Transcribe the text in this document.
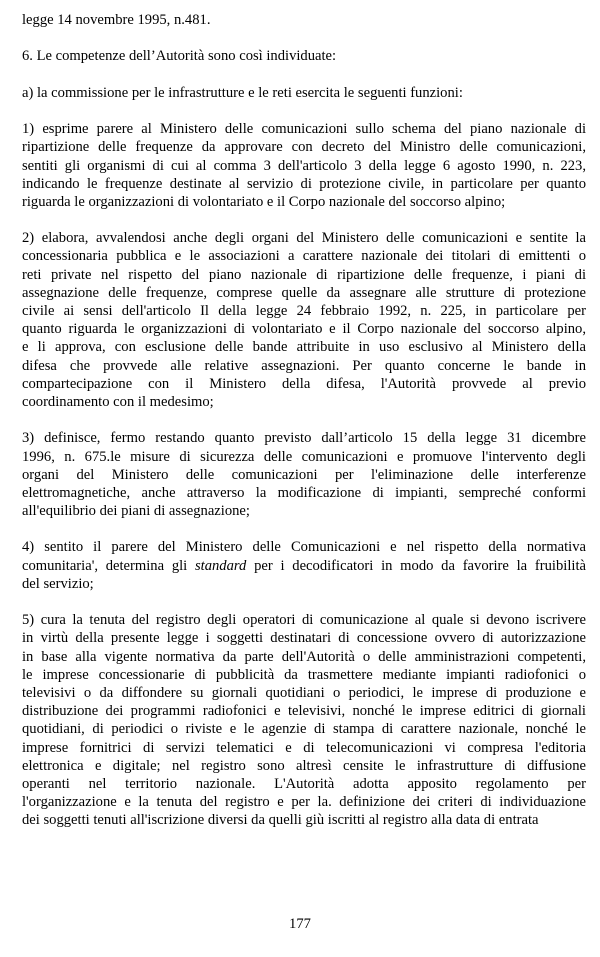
legge 14 novembre 1995, n.481.
6. Le competenze dell’Autorità sono così individuate:
a) la commissione per le infrastrutture e le reti esercita le seguenti funzioni:
1) esprime parere al Ministero delle comunicazioni sullo schema del piano nazionale di
ripartizione delle frequenze da approvare con decreto del Ministro delle comunicazioni,
sentiti gli organismi di cui al comma 3 dell'articolo 3 della legge 6 agosto 1990, n. 223,
indicando le frequenze destinate al servizio di protezione civile, in particolare per quanto
riguarda le organizzazioni di volontariato e il Corpo nazionale del soccorso alpino;
2) elabora, avvalendosi anche degli organi del Ministero delle comunicazioni e sentite la
concessionaria pubblica e le associazioni a carattere nazionale dei titolari di emittenti o
reti private nel rispetto del piano nazionale di ripartizione delle frequenze, i piani di
assegnazione delle frequenze, comprese quelle da assegnare alle strutture di protezione
civile ai sensi dell'articolo Il della legge 24 febbraio 1992, n. 225, in particolare per
quanto riguarda le organizzazioni di volontariato e il Corpo nazionale del soccorso alpino,
e li approva, con esclusione delle bande attribuite in uso esclusivo al Ministero della
difesa che provvede alle relative assegnazioni. Per quanto concerne le bande in
compartecipazione con il Ministero della difesa, l'Autorità provvede al previo
coordinamento con il medesimo;
3) definisce, fermo restando quanto previsto dall’articolo 15 della legge 31 dicembre
1996, n. 675.le misure di sicurezza delle comunicazioni e promuove l'intervento degli
organi del Ministero delle comunicazioni per l'eliminazione delle interferenze
elettromagnetiche, anche attraverso la modificazione di impianti, sempreché conformi
all'equilibrio dei piani di assegnazione;
4) sentito il parere del Ministero delle Comunicazioni e nel rispetto della normativa
comunitaria', determina gli standard per i decodificatori in modo da favorire la fruibilità
del servizio;
5) cura la tenuta del registro degli operatori di comunicazione al quale si devono iscrivere
in virtù della presente legge i soggetti destinatari di concessione ovvero di autorizzazione
in base alla vigente normativa da parte dell'Autorità o delle amministrazioni competenti,
le imprese concessionarie di pubblicità da trasmettere mediante impianti radiofonici o
televisivi o da diffondere su giornali quotidiani o periodici, le imprese di produzione e
distribuzione dei programmi radiofonici e televisivi, nonché le imprese editrici di giornali
quotidiani, di periodici o riviste e le agenzie di stampa di carattere nazionale, nonché le
imprese fornitrici di servizi telematici e di telecomunicazioni vi compresa l'editoria
elettronica e digitale; nel registro sono altresì censite le infrastrutture di diffusione
operanti nel territorio nazionale. L'Autorità adotta apposito regolamento per
l'organizzazione e la tenuta del registro e per la. definizione dei criteri di individuazione
dei soggetti tenuti all'iscrizione diversi da quelli giù iscritti al registro alla data di entrata
177
